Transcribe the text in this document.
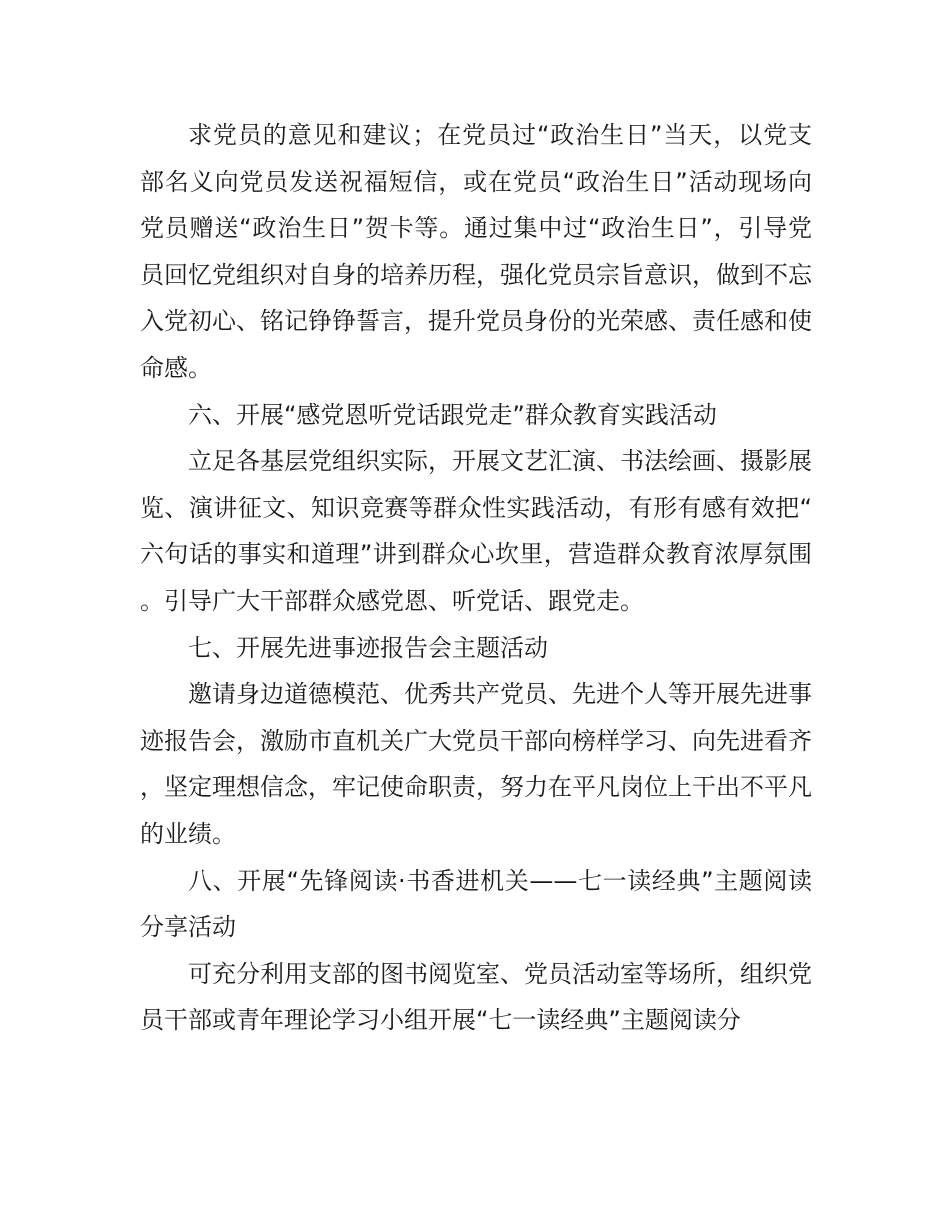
求党员的意见和建议；在党员过“政治生日”当天，以党支部名义向党员发送祝福短信，或在党员“政治生日”活动现场向党员赠送“政治生日”贺卡等。通过集中过“政治生日”，引导党员回忆党组织对自身的培养历程，强化党员宗旨意识，做到不忘入党初心、铭记铮铮誓言，提升党员身份的光荣感、责任感和使命感。

六、开展“感党恩听党话跟党走”群众教育实践活动

立足各基层党组织实际，开展文艺汇演、书法绘画、摄影展览、演讲征文、知识竞赛等群众性实践活动，有形有感有效把“六句话的事实和道理”讲到群众心坎里，营造群众教育浓厚氛围。引导广大干部群众感党恩、听党话、跟党走。

七、开展先进事迹报告会主题活动

邀请身边道德模范、优秀共产党员、先进个人等开展先进事迹报告会，激励市直机关广大党员干部向榜样学习、向先进看齐，坚定理想信念，牢记使命职责，努力在平凡岗位上干出不平凡的业绩。

八、开展“先锋阅读·书香进机关——七一读经典”主题阅读分享活动

可充分利用支部的图书阅览室、党员活动室等场所，组织党员干部或青年理论学习小组开展“七一读经典”主题阅读分
